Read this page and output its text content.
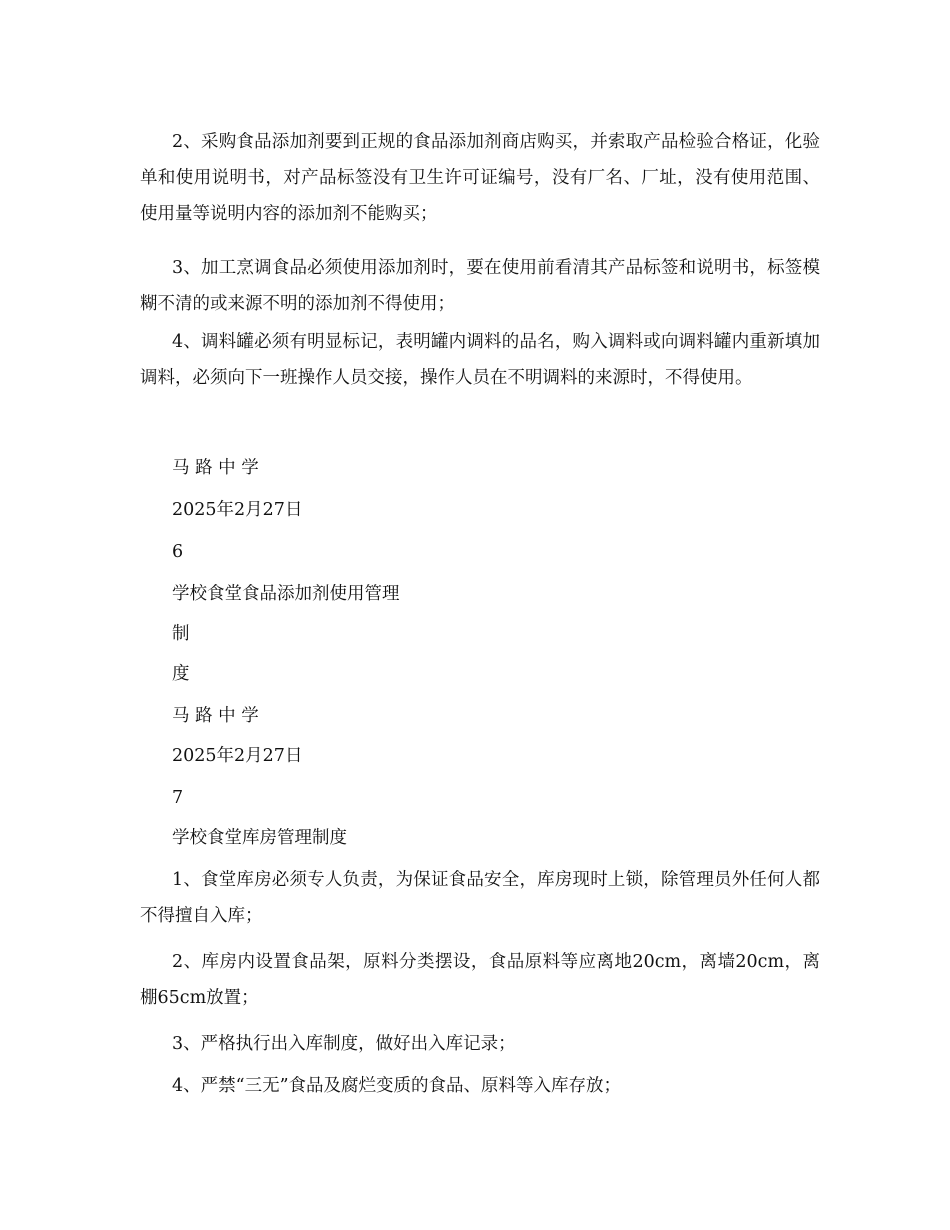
2、采购食品添加剂要到正规的食品添加剂商店购买，并索取产品检验合格证，化验单和使用说明书，对产品标签没有卫生许可证编号，没有厂名、厂址，没有使用范围、使用量等说明内容的添加剂不能购买；

3、加工烹调食品必须使用添加剂时，要在使用前看清其产品标签和说明书，标签模糊不清的或来源不明的添加剂不得使用；

4、调料罐必须有明显标记，表明罐内调料的品名，购入调料或向调料罐内重新填加调料，必须向下一班操作人员交接，操作人员在不明调料的来源时，不得使用。

马 路 中 学

2025年2月27日

6

学校食堂食品添加剂使用管理

制

度

马 路 中 学

2025年2月27日

7

学校食堂库房管理制度

1、食堂库房必须专人负责，为保证食品安全，库房现时上锁，除管理员外任何人都不得擅自入库；

2、库房内设置食品架，原料分类摆设，食品原料等应离地20cm，离墙20cm，离棚65cm放置；

3、严格执行出入库制度，做好出入库记录；

4、严禁“三无”食品及腐烂变质的食品、原料等入库存放；
